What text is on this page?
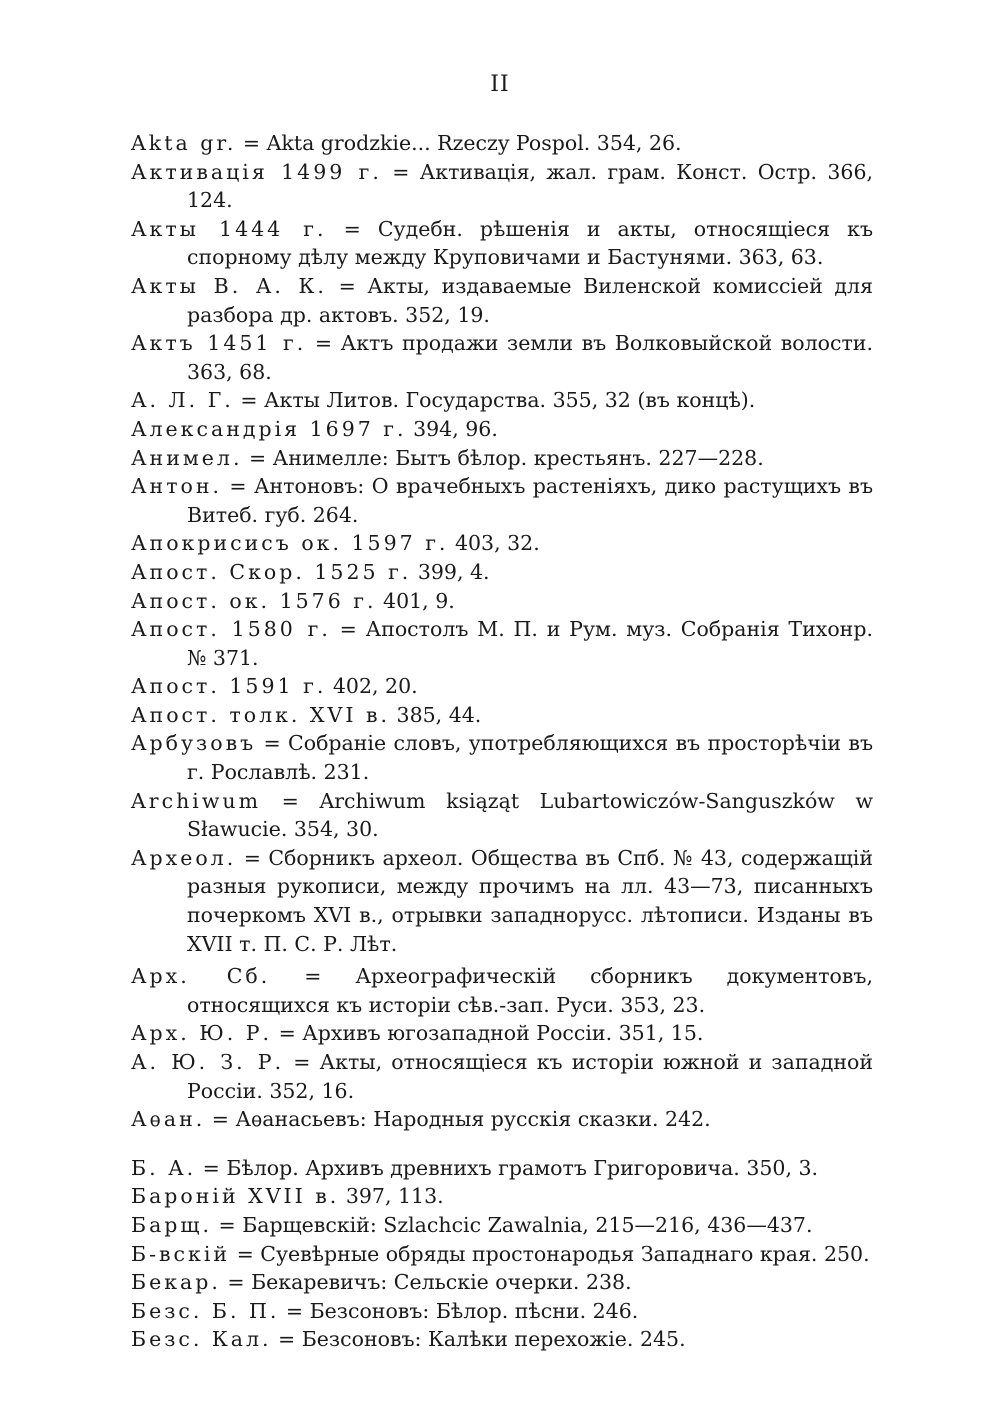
II

Akta gr. = Akta grodzkie... Rzeczy Pospol. 354, 26.

Активація 1499 г. = Активація, жал. грам. Конст. Остр. 366, 124.

Акты 1444 г. = Судебн. рѣшенія и акты, относящіеся къ спорному дѣлу между Круповичами и Бастунями. 363, 63.

Акты В. А. К. = Акты, издаваемые Виленской комиссіей для разбора др. актовъ. 352, 19.

Актъ 1451 г. = Актъ продажи земли въ Волковыйской волости. 363, 68.

А. Л. Г. = Акты Литов. Государства. 355, 32 (въ концѣ).

Александрія 1697 г. 394, 96.

Анимел. = Анимелле: Бытъ бѣлор. крестьянъ. 227—228.

Антон. = Антоновъ: О врачебныхъ растеніяхъ, дико растущихъ въ Витеб. губ. 264.

Апокрисисъ ок. 1597 г. 403, 32.

Апост. Скор. 1525 г. 399, 4.

Апост. ок. 1576 г. 401, 9.

Апост. 1580 г. = Апостолъ М. П. и Рум. муз. Собранія Тихонр. № 371.

Апост. 1591 г. 402, 20.

Апост. толк. XVI в. 385, 44.

Арбузовъ = Собраніе словъ, употребляющихся въ просторѣчіи въ г. Рославлѣ. 231.

Archiwum = Archiwum ksiąząt Lubartowiczów-Sanguszków w Sławucie. 354, 30.

Археол. = Сборникъ археол. Общества въ Спб. № 43, содержащій разныя рукописи, между прочимъ на лл. 43—73, писанныхъ почеркомъ XVI в., отрывки западнорусс. лѣтописи. Изданы въ XVII т. П. С. Р. Лѣт.

Арх. Сб. = Археографическій сборникъ документовъ, относящихся къ исторіи сѣв.-зап. Руси. 353, 23.

Арх. Ю. Р. = Архивъ югозападной Россіи. 351, 15.

А. Ю. З. Р. = Акты, относящіеся къ исторіи южной и западной Россіи. 352, 16.

Аѳан. = Аѳанасьевъ: Народныя русскія сказки. 242.

Б. А. = Бѣлор. Архивъ древнихъ грамотъ Григоровича. 350, 3.

Бароній XVII в. 397, 113.

Барщ. = Барщевскій: Szlachcic Zawalnia, 215—216, 436—437.

Б-вскій = Суевѣрные обряды простонародья Западнаго края. 250.

Бекар. = Бекаревичъ: Сельскіе очерки. 238.

Безс. Б. П. = Безсоновъ: Бѣлор. пѣсни. 246.

Безс. Кал. = Безсоновъ: Калѣки перехожіе. 245.
